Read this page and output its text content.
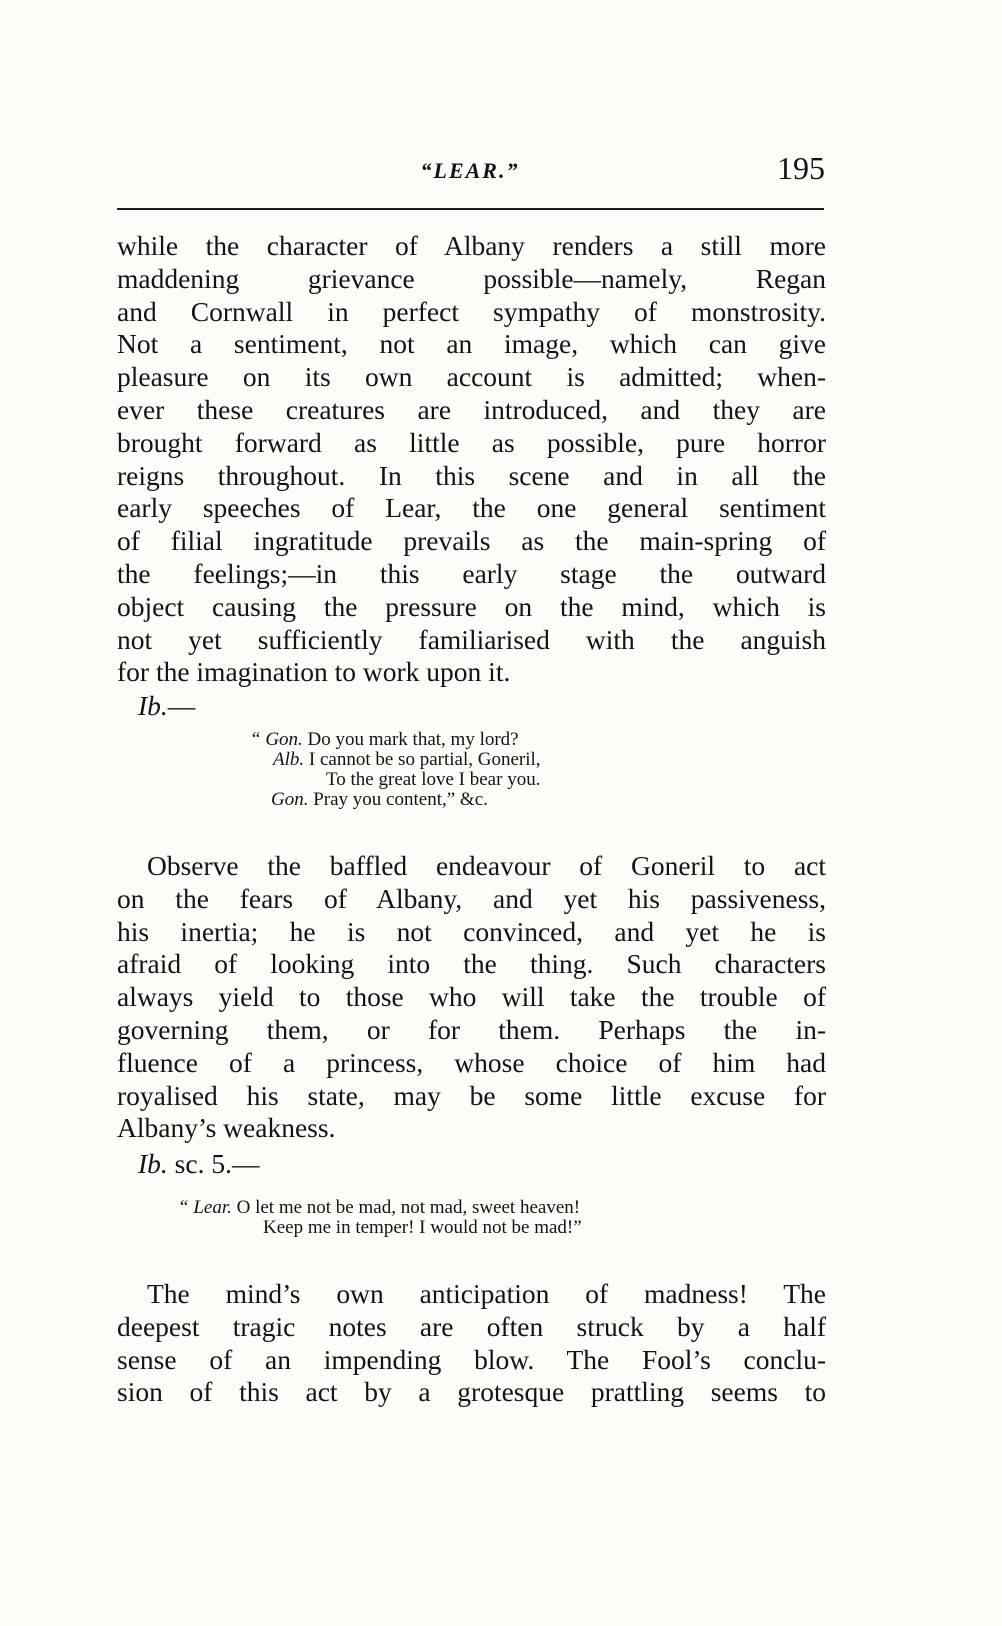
“LEAR.”	195

while the character of Albany renders a still more
maddening grievance possible—namely, Regan
and Cornwall in perfect sympathy of monstrosity.
Not a sentiment, not an image, which can give
pleasure on its own account is admitted; when-
ever these creatures are introduced, and they are
brought forward as little as possible, pure horror
reigns throughout. In this scene and in all the
early speeches of Lear, the one general sentiment
of filial ingratitude prevails as the main-spring of
the feelings;—in this early stage the outward
object causing the pressure on the mind, which is
not yet sufficiently familiarised with the anguish
for the imagination to work upon it.

Ib.—
“ Gon. Do you mark that, my lord?
Alb. I cannot be so partial, Goneril,
To the great love I bear you.
Gon. Pray you content,” &c.

Observe the baffled endeavour of Goneril to act
on the fears of Albany, and yet his passiveness,
his inertia; he is not convinced, and yet he is
afraid of looking into the thing. Such characters
always yield to those who will take the trouble of
governing them, or for them. Perhaps the in-
fluence of a princess, whose choice of him had
royalised his state, may be some little excuse for
Albany’s weakness.

Ib. sc. 5.—
“ Lear. O let me not be mad, not mad, sweet heaven!
Keep me in temper! I would not be mad!”

The mind’s own anticipation of madness! The
deepest tragic notes are often struck by a half
sense of an impending blow. The Fool’s conclu-
sion of this act by a grotesque prattling seems to
